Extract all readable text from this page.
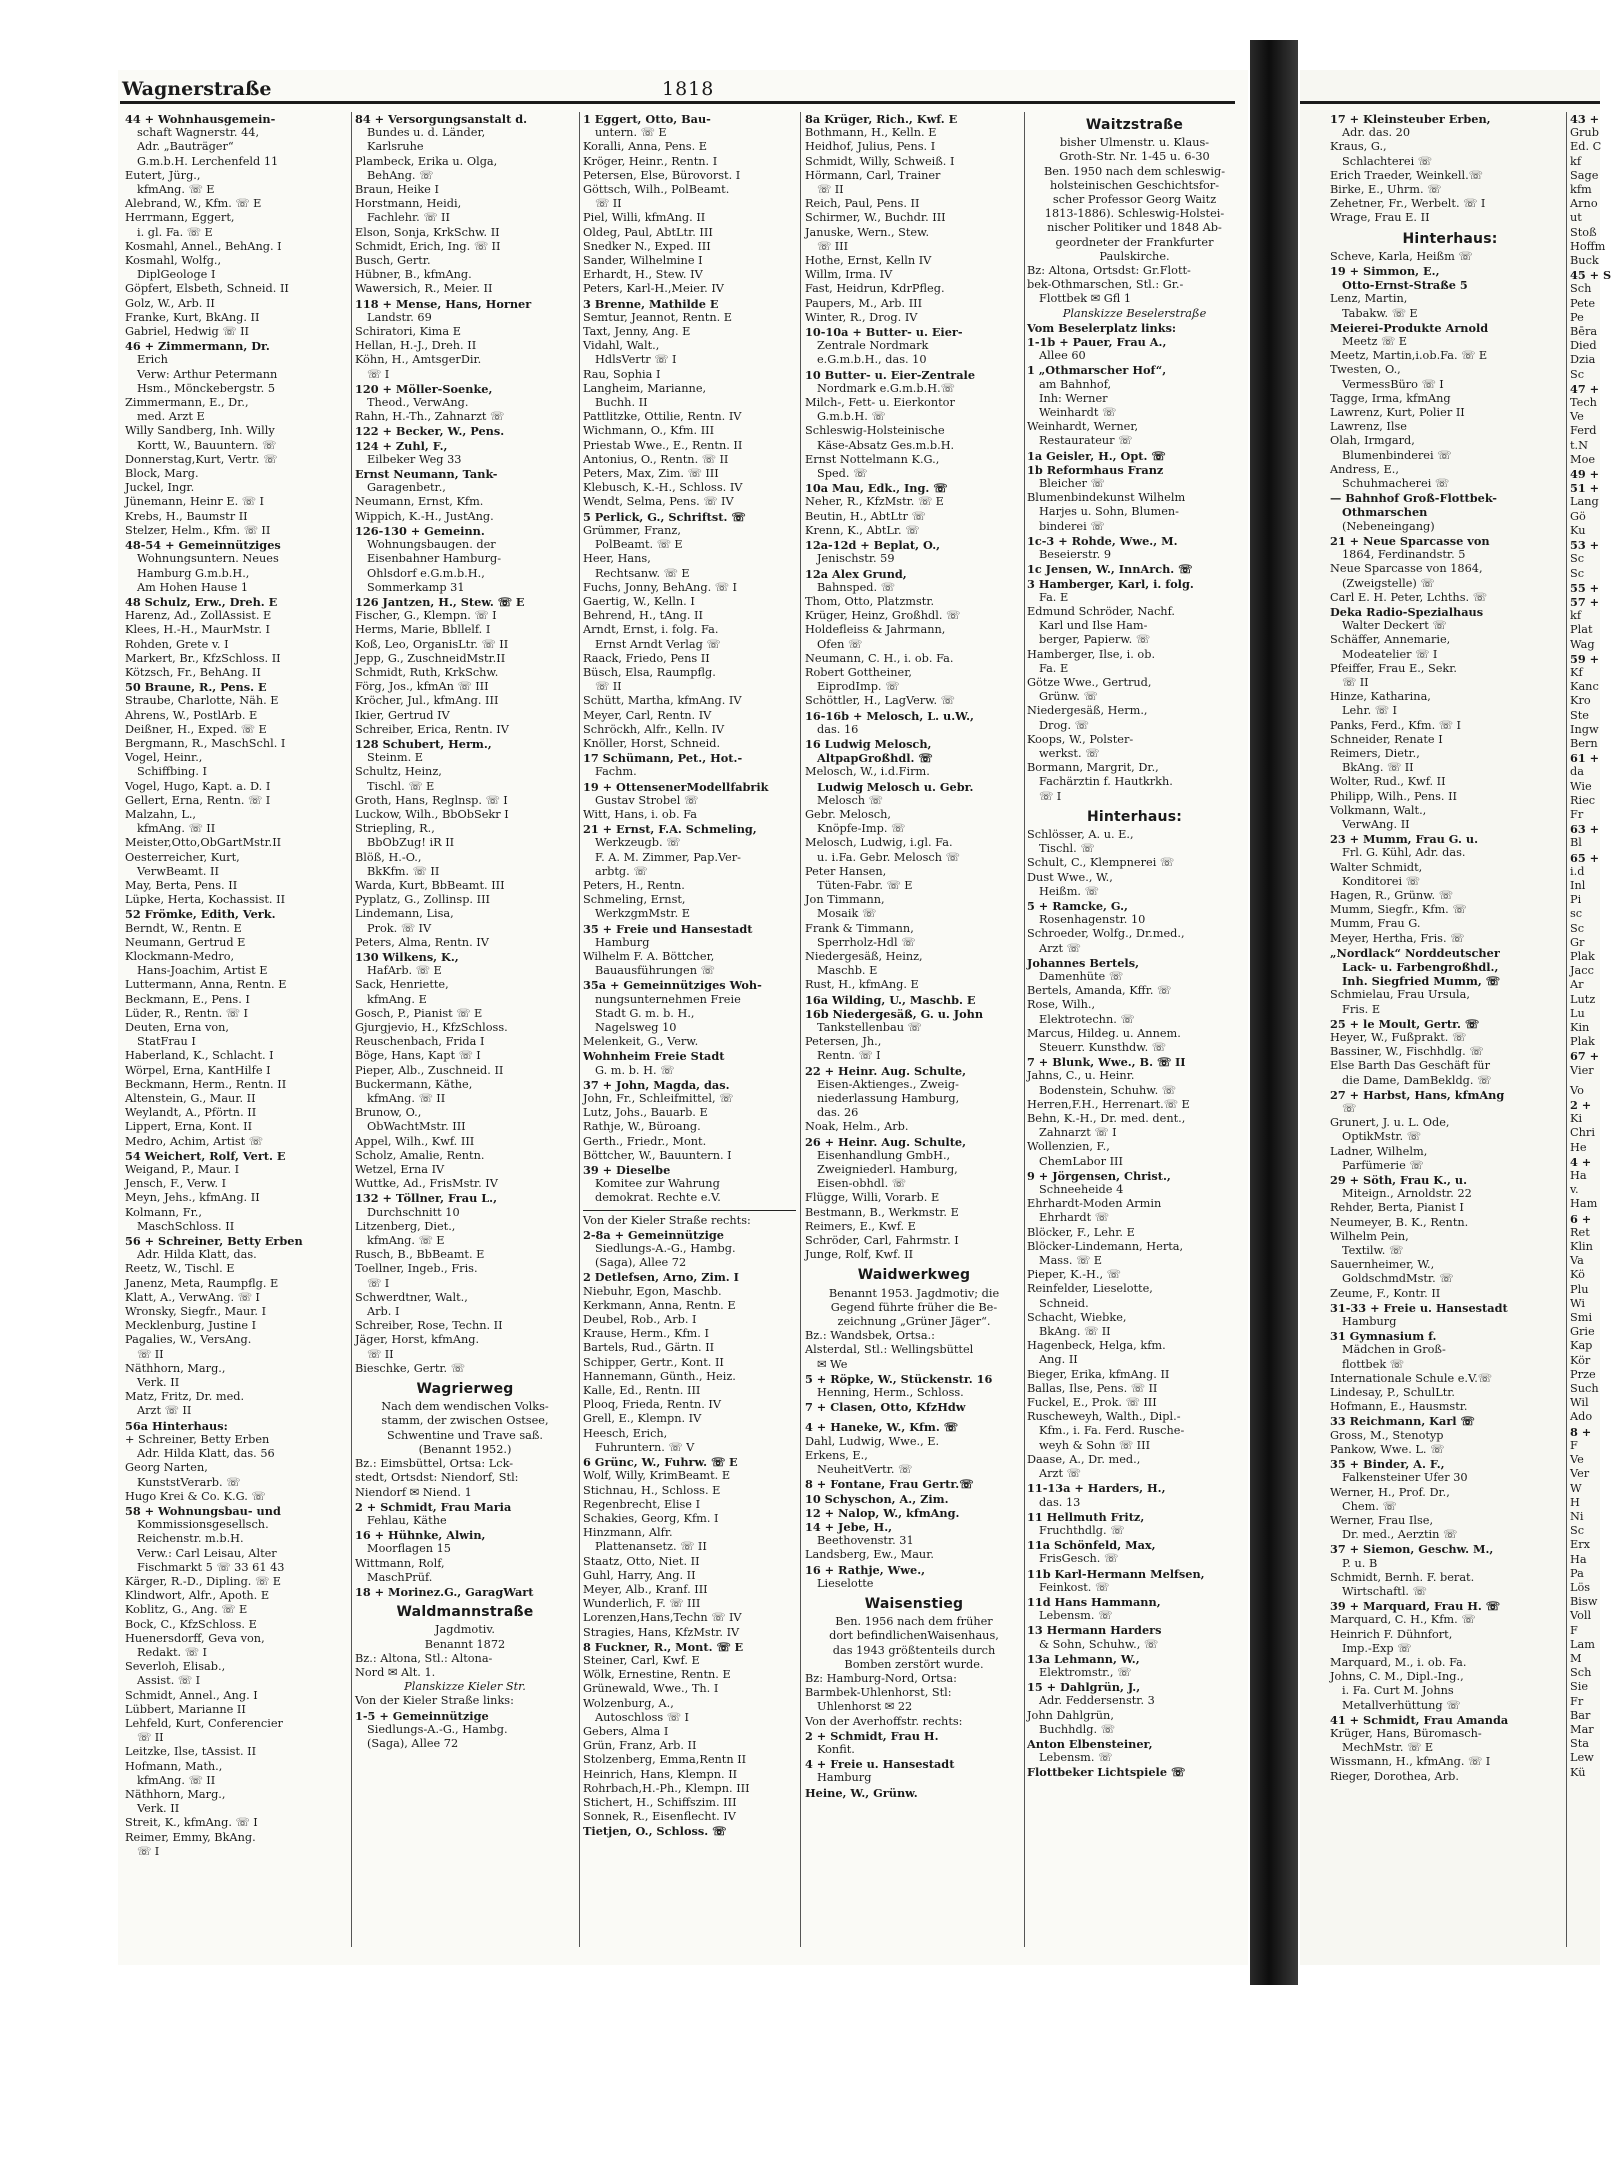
Wagnerstraße	1818
44 + Wohnhausgemein-
schaft Wagnerstr. 44,
Adr. „Bauträger“
G.m.b.H. Lerchenfeld 11
Eutert, Jürg.,
kfmAng. ☏ E
Alebrand, W., Kfm. ☏ E
Herrmann, Eggert,
i. gl. Fa. ☏ E
Kosmahl, Annel., BehAng. I
Kosmahl, Wolfg.,
DiplGeologe I
Göpfert, Elsbeth, Schneid. II
Golz, W., Arb. II
Franke, Kurt, BkAng. II
Gabriel, Hedwig ☏ II
46 + Zimmermann, Dr.
Erich
Verw: Arthur Petermann
Hsm., Mönckebergstr. 5
Zimmermann, E., Dr.,
med. Arzt E
Willy Sandberg, Inh. Willy
Kortt, W., Bauuntern. ☏
Donnerstag,Kurt, Vertr. ☏
Block, Marg.
Juckel, Ingr.
Jünemann, Heinr E. ☏ I
Krebs, H., Baumstr II
Stelzer, Helm., Kfm. ☏ II
48-54 + Gemeinnütziges
Wohnungsuntern. Neues
Hamburg G.m.b.H.,
Am Hohen Hause 1
48 Schulz, Erw., Dreh. E
Harenz, Ad., ZollAssist. E
Klees, H.-H., MaurMstr. I
Rohden, Grete v. I
Markert, Br., KfzSchloss. II
Kötzsch, Fr., BehAng. II
50 Braune, R., Pens. E
Straube, Charlotte, Näh. E
Ahrens, W., PostlArb. E
Deißner, H., Exped. ☏ E
Bergmann, R., MaschSchl. I
Vogel, Heinr.,
Schiffbing. I
Vogel, Hugo, Kapt. a. D. I
Gellert, Erna, Rentn. ☏ I
Malzahn, L.,
kfmAng. ☏ II
Meister,Otto,ObGartMstr.II
Oesterreicher, Kurt,
VerwBeamt. II
May, Berta, Pens. II
Lüpke, Herta, Kochassist. II
52 Frömke, Edith, Verk.
Berndt, W., Rentn. E
Neumann, Gertrud E
Klockmann-Medro,
Hans-Joachim, Artist E
Luttermann, Anna, Rentn. E
Beckmann, E., Pens. I
Lüder, R., Rentn. ☏ I
Deuten, Erna von,
StatFrau I
Haberland, K., Schlacht. I
Wörpel, Erna, KantHilfe I
Beckmann, Herm., Rentn. II
Altenstein, G., Maur. II
Weylandt, A., Pförtn. II
Lippert, Erna, Kont. II
Medro, Achim, Artist ☏
54 Weichert, Rolf, Vert. E
Weigand, P., Maur. I
Jensch, F., Verw. I
Meyn, Jehs., kfmAng. II
Kolmann, Fr.,
MaschSchloss. II
56 + Schreiner, Betty Erben
Adr. Hilda Klatt, das.
Reetz, W., Tischl. E
Janenz, Meta, Raumpflg. E
Klatt, A., VerwAng. ☏ I
Wronsky, Siegfr., Maur. I
Mecklenburg, Justine I
Pagalies, W., VersAng.
☏ II
Näthhorn, Marg.,
Verk. II
Matz, Fritz, Dr. med.
Arzt ☏ II
56a Hinterhaus:
+ Schreiner, Betty Erben
Adr. Hilda Klatt, das. 56
Georg Narten,
KunststVerarb. ☏
Hugo Krei & Co. K.G. ☏
58 + Wohnungsbau- und
Kommissionsgesellsch.
Reichenstr. m.b.H.
Verw.: Carl Leisau, Alter
Fischmarkt 5 ☏ 33 61 43
Kärger, R.-D., Dipling. ☏ E
Klindwort, Alfr., Apoth. E
Koblitz, G., Ang. ☏ E
Bock, C., KfzSchloss. E
Huenersdorff, Geva von,
Redakt. ☏ I
Severloh, Elisab.,
Assist. ☏ I
Schmidt, Annel., Ang. I
Lübbert, Marianne II
Lehfeld, Kurt, Conferencier
☏ II
Leitzke, Ilse, tAssist. II
Hofmann, Math.,
kfmAng. ☏ II
Näthhorn, Marg.,
Verk. II
Streit, K., kfmAng. ☏ I
Reimer, Emmy, BkAng.
☏ I
84 + Versorgungsanstalt d.
Bundes u. d. Länder,
Karlsruhe
Plambeck, Erika u. Olga,
BehAng. ☏
Braun, Heike I
Horstmann, Heidi,
Fachlehr. ☏ II
Elson, Sonja, KrkSchw. II
Schmidt, Erich, Ing. ☏ II
Busch, Gertr.
Hübner, B., kfmAng.
Wawersich, R., Meier. II
118 + Mense, Hans, Horner
Landstr. 69
Schiratori, Kima E
Hellan, H.-J., Dreh. II
Köhn, H., AmtsgerDir.
☏ I
120 + Möller-Soenke,
Theod., VerwAng.
Rahn, H.-Th., Zahnarzt ☏
122 + Becker, W., Pens.
124 + Zuhl, F.,
Eilbeker Weg 33
Ernst Neumann, Tank-
Garagenbetr.,
Neumann, Ernst, Kfm.
Wippich, K.-H., JustAng.
126-130 + Gemeinn.
Wohnungsbaugen. der
Eisenbahner Hamburg-
Ohlsdorf e.G.m.b.H.,
Sommerkamp 31
126 Jantzen, H., Stew. ☏ E
Fischer, G., Klempn. ☏ I
Herms, Marie, Bbllelf. I
Koß, Leo, OrganisLtr. ☏ II
Jepp, G., ZuschneidMstr.II
Schmidt, Ruth, KrkSchw.
Förg, Jos., kfmAn ☏ III
Kröcher, Jul., kfmAng. III
Ikier, Gertrud IV
Schreiber, Erica, Rentn. IV
128 Schubert, Herm.,
Steinm. E
Schultz, Heinz,
Tischl. ☏ E
Groth, Hans, Reglnsp. ☏ I
Luckow, Wilh., BbObSekr I
Striepling, R.,
BbObZug! iR II
Blöß, H.-O.,
BkKfm. ☏ II
Warda, Kurt, BbBeamt. III
Pyplatz, G., Zollinsp. III
Lindemann, Lisa,
Prok. ☏ IV
Peters, Alma, Rentn. IV
130 Wilkens, K.,
HafArb. ☏ E
Sack, Henriette,
kfmAng. E
Gosch, P., Pianist ☏ E
Gjurgjevio, H., KfzSchloss.
Reuschenbach, Frida I
Böge, Hans, Kapt ☏ I
Pieper, Alb., Zuschneid. II
Buckermann, Käthe,
kfmAng. ☏ II
Brunow, O.,
ObWachtMstr. III
Appel, Wilh., Kwf. III
Scholz, Amalie, Rentn.
Wetzel, Erna IV
Wuttke, Ad., FrisMstr. IV
132 + Töllner, Frau L.,
Durchschnitt 10
Litzenberg, Diet.,
kfmAng. ☏ E
Rusch, B., BbBeamt. E
Toellner, Ingeb., Fris.
☏ I
Schwerdtner, Walt.,
Arb. I
Schreiber, Rose, Techn. II
Jäger, Horst, kfmAng.
☏ II
Bieschke, Gertr. ☏
Wagrierweg
Nach dem wendischen Volks-
stamm, der zwischen Ostsee,
Schwentine und Trave saß.
(Benannt 1952.)
Bz.: Eimsbüttel, Ortsa: Lck-
stedt, Ortsdst: Niendorf, Stl:
Niendorf ✉ Niend. 1
2 + Schmidt, Frau Maria
Fehlau, Käthe
16 + Hühnke, Alwin,
Moorflagen 15
Wittmann, Rolf,
MaschPrüf.
18 + Morinez.G., GaragWart
Waldmannstraße
Jagdmotiv.
Benannt 1872
Bz.: Altona, Stl.: Altona-
Nord ✉ Alt. 1.
Planskizze Kieler Str.
Von der Kieler Straße links:
1-5 + Gemeinnützige
Siedlungs-A.-G., Hambg.
(Saga), Allee 72
1 Eggert, Otto, Bau-
untern. ☏ E
Koralli, Anna, Pens. E
Kröger, Heinr., Rentn. I
Petersen, Else, Bürovorst. I
Göttsch, Wilh., PolBeamt.
☏ II
Piel, Willi, kfmAng. II
Oldeg, Paul, AbtLtr. III
Snedker N., Exped. III
Sander, Wilhelmine I
Erhardt, H., Stew. IV
Peters, Karl-H.,Meier. IV
3 Brenne, Mathilde E
Semtur, Jeannot, Rentn. E
Taxt, Jenny, Ang. E
Vidahl, Walt.,
HdlsVertr ☏ I
Rau, Sophia I
Langheim, Marianne,
Buchh. II
Pattlitzke, Ottilie, Rentn. IV
Wichmann, O., Kfm. III
Priestab Wwe., E., Rentn. II
Antonius, O., Rentn. ☏ II
Peters, Max, Zim. ☏ III
Klebusch, K.-H., Schloss. IV
Wendt, Selma, Pens. ☏ IV
5 Perlick, G., Schriftst. ☏
Grümmer, Franz,
PolBeamt. ☏ E
Heer, Hans,
Rechtsanw. ☏ E
Fuchs, Jonny, BehAng. ☏ I
Gaertig, W., Kelln. I
Behrend, H., tAng. II
Arndt, Ernst, i. folg. Fa.
Ernst Arndt Verlag ☏
Raack, Friedo, Pens II
Büsch, Elsa, Raumpflg.
☏ II
Schütt, Martha, kfmAng. IV
Meyer, Carl, Rentn. IV
Schröckh, Alfr., Kelln. IV
Knöller, Horst, Schneid.
17 Schümann, Pet., Hot.-
Fachm.
19 + OttensenerModellfabrik
Gustav Strobel ☏
Witt, Hans, i. ob. Fa
21 + Ernst, F.A. Schmeling,
Werkzeugb. ☏
F. A. M. Zimmer, Pap.Ver-
arbtg. ☏
Peters, H., Rentn.
Schmeling, Ernst,
WerkzgmMstr. E
35 + Freie und Hansestadt
Hamburg
Wilhelm F. A. Böttcher,
Bauausführungen ☏
35a + Gemeinnütziges Woh-
nungsunternehmen Freie
Stadt G. m. b. H.,
Nagelsweg 10
Melenkeit, G., Verw.
Wohnheim Freie Stadt
G. m. b. H. ☏
37 + John, Magda, das.
John, Fr., Schleifmittel, ☏
Lutz, Johs., Bauarb. E
Rathje, W., Büroang.
Gerth., Friedr., Mont.
Böttcher, W., Bauuntern. I
39 + Dieselbe
Komitee zur Wahrung
demokrat. Rechte e.V.
Von der Kieler Straße rechts:
2-8a + Gemeinnützige
Siedlungs-A.-G., Hambg.
(Saga), Allee 72
2 Detlefsen, Arno, Zim. I
Niebuhr, Egon, Maschb.
Kerkmann, Anna, Rentn. E
Deubel, Rob., Arb. I
Krause, Herm., Kfm. I
Bartels, Rud., Gärtn. II
Schipper, Gertr., Kont. II
Hannemann, Günth., Heiz.
Kalle, Ed., Rentn. III
Plooq, Frieda, Rentn. IV
Grell, E., Klempn. IV
Heesch, Erich,
Fuhruntern. ☏ V
6 Grünc, W., Fuhrw. ☏ E
Wolf, Willy, KrimBeamt. E
Stichnau, H., Schloss. E
Regenbrecht, Elise I
Schakies, Georg, Kfm. I
Hinzmann, Alfr.
Plattenansetz. ☏ II
Staatz, Otto, Niet. II
Guhl, Harry, Ang. II
Meyer, Alb., Kranf. III
Wunderlich, F. ☏ III
Lorenzen,Hans,Techn ☏ IV
Stragies, Hans, KfzMstr. IV
8 Fuckner, R., Mont. ☏ E
Steiner, Carl, Kwf. E
Wölk, Ernestine, Rentn. E
Grünewald, Wwe., Th. I
Wolzenburg, A.,
Autoschloss ☏ I
Gebers, Alma I
Grün, Franz, Arb. II
Stolzenberg, Emma,Rentn II
Heinrich, Hans, Klempn. II
Rohrbach,H.-Ph., Klempn. III
Stichert, H., Schiffszim. III
Sonnek, R., Eisenflecht. IV
Tietjen, O., Schloss. ☏
8a Krüger, Rich., Kwf. E
Bothmann, H., Kelln. E
Heidhof, Julius, Pens. I
Schmidt, Willy, Schweiß. I
Hörmann, Carl, Trainer
☏ II
Reich, Paul, Pens. II
Schirmer, W., Buchdr. III
Januske, Wern., Stew.
☏ III
Hothe, Ernst, Kelln IV
Willm, Irma. IV
Fast, Heidrun, KdrPfleg.
Paupers, M., Arb. III
Winter, R., Drog. IV
10-10a + Butter- u. Eier-
Zentrale Nordmark
e.G.m.b.H., das. 10
10 Butter- u. Eier-Zentrale
Nordmark e.G.m.b.H.☏
Milch-, Fett- u. Eierkontor
G.m.b.H. ☏
Schleswig-Holsteinische
Käse-Absatz Ges.m.b.H.
Ernst Nottelmann K.G.,
Sped. ☏
10a Mau, Edk., Ing. ☏
Neher, R., KfzMstr. ☏ E
Beutin, H., AbtLtr ☏
Krenn, K., AbtLr. ☏
12a-12d + Beplat, O.,
Jenischstr. 59
12a Alex Grund,
Bahnsped. ☏
Thom, Otto, Platzmstr.
Krüger, Heinz, Großhdl. ☏
Holdefleiss & Jahrmann,
Ofen ☏
Neumann, C. H., i. ob. Fa.
Robert Gottheiner,
EiprodImp. ☏
Schöttler, H., LagVerw. ☏
16-16b + Melosch, L. u.W.,
das. 16
16 Ludwig Melosch,
AltpapGroßhdl. ☏
Melosch, W., i.d.Firm.
Ludwig Melosch u. Gebr.
Melosch ☏
Gebr. Melosch,
Knöpfe-Imp. ☏
Melosch, Ludwig, i.gl. Fa.
u. i.Fa. Gebr. Melosch ☏
Peter Hansen,
Tüten-Fabr. ☏ E
Jon Timmann,
Mosaik ☏
Frank & Timmann,
Sperrholz-Hdl ☏
Niedergesäß, Heinz,
Maschb. E
Rust, H., kfmAng. E
16a Wilding, U., Maschb. E
16b Niedergesäß, G. u. John
Tankstellenbau ☏
Petersen, Jh.,
Rentn. ☏ I
22 + Heinr. Aug. Schulte,
Eisen-Aktienges., Zweig-
niederlassung Hamburg,
das. 26
Noak, Helm., Arb.
26 + Heinr. Aug. Schulte,
Eisenhandlung GmbH.,
Zweigniederl. Hamburg,
Eisen-obhdl. ☏
Flügge, Willi, Vorarb. E
Bestmann, B., Werkmstr. E
Reimers, E., Kwf. E
Schröder, Carl, Fahrmstr. I
Junge, Rolf, Kwf. II
Waidwerkweg
Benannt 1953. Jagdmotiv; die
Gegend führte früher die Be-
zeichnung „Grüner Jäger“.
Bz.: Wandsbek, Ortsa.:
Alsterdal, Stl.: Wellingsbüttel
✉ We
5 + Röpke, W., Stückenstr. 16
Henning, Herm., Schloss.
7 + Clasen, Otto, KfzHdw
4 + Haneke, W., Kfm. ☏
Dahl, Ludwig, Wwe., E.
Erkens, E.,
NeuheitVertr. ☏
8 + Fontane, Frau Gertr.☏
10 Schyschon, A., Zim.
12 + Nalop, W., kfmAng.
14 + Jebe, H.,
Beethovenstr. 31
Landsberg, Ew., Maur.
16 + Rathje, Wwe.,
Lieselotte
Waisenstieg
Ben. 1956 nach dem früher
dort befindlichenWaisenhaus,
das 1943 größtenteils durch
Bomben zerstört wurde.
Bz: Hamburg-Nord, Ortsa:
Barmbek-Uhlenhorst, Stl:
Uhlenhorst ✉ 22
Von der Averhoffstr. rechts:
2 + Schmidt, Frau H.
Konfit.
4 + Freie u. Hansestadt
Hamburg
Heine, W., Grünw.
Waitzstraße
bisher Ulmenstr. u. Klaus-
Groth-Str. Nr. 1-45 u. 6-30
Ben. 1950 nach dem schleswig-
holsteinischen Geschichtsfor-
scher Professor Georg Waitz
1813-1886). Schleswig-Holstei-
nischer Politiker und 1848 Ab-
geordneter der Frankfurter
Paulskirche.
Bz: Altona, Ortsdst: Gr.Flott-
bek-Othmarschen, Stl.: Gr.-
Flottbek ✉ Gfl 1
Planskizze Beselerstraße
Vom Beselerplatz links:
1-1b + Pauer, Frau A.,
Allee 60
1 „Othmarscher Hof“,
am Bahnhof,
Inh: Werner
Weinhardt ☏
Weinhardt, Werner,
Restaurateur ☏
1a Geisler, H., Opt. ☏
1b Reformhaus Franz
Bleicher ☏
Blumenbindekunst Wilhelm
Harjes u. Sohn, Blumen-
binderei ☏
1c-3 + Rohde, Wwe., M.
Beseierstr. 9
1c Jensen, W., InnArch. ☏
3 Hamberger, Karl, i. folg.
Fa. E
Edmund Schröder, Nachf.
Karl und Ilse Ham-
berger, Papierw. ☏
Hamberger, Ilse, i. ob.
Fa. E
Götze Wwe., Gertrud,
Grünw. ☏
Niedergesäß, Herm.,
Drog. ☏
Koops, W., Polster-
werkst. ☏
Bormann, Margrit, Dr.,
Fachärztin f. Hautkrkh.
☏ I
Hinterhaus:
Schlösser, A. u. E.,
Tischl. ☏
Schult, C., Klempnerei ☏
Dust Wwe., W.,
Heißm. ☏
5 + Ramcke, G.,
Rosenhagenstr. 10
Schroeder, Wolfg., Dr.med.,
Arzt ☏
Johannes Bertels,
Damenhüte ☏
Bertels, Amanda, Kffr. ☏
Rose, Wilh.,
Elektrotechn. ☏
Marcus, Hildeg. u. Annem.
Steuerr. Kunsthdw. ☏
7 + Blunk, Wwe., B. ☏ II
Jahns, C., u. Heinr.
Bodenstein, Schuhw. ☏
Herren,F.H., Herrenart.☏ E
Behn, K.-H., Dr. med. dent.,
Zahnarzt ☏ I
Wollenzien, F.,
ChemLabor III
9 + Jörgensen, Christ.,
Schneeheide 4
Ehrhardt-Moden Armin
Ehrhardt ☏
Blöcker, F., Lehr. E
Blöcker-Lindemann, Herta,
Mass. ☏ E
Pieper, K.-H., ☏
Reinfelder, Lieselotte,
Schneid.
Schacht, Wiebke,
BkAng. ☏ II
Hagenbeck, Helga, kfm.
Ang. II
Bieger, Erika, kfmAng. II
Ballas, Ilse, Pens. ☏ II
Fuckel, E., Prok. ☏ III
Ruscheweyh, Walth., Dipl.-
Kfm., i. Fa. Ferd. Rusche-
weyh & Sohn ☏ III
Daase, A., Dr. med.,
Arzt ☏
11-13a + Harders, H.,
das. 13
11 Hellmuth Fritz,
Fruchthdlg. ☏
11a Schönfeld, Max,
FrisGesch. ☏
11b Karl-Hermann Melfsen,
Feinkost. ☏
11d Hans Hammann,
Lebensm. ☏
13 Hermann Harders
& Sohn, Schuhw., ☏
13a Lehmann, W.,
Elektromstr., ☏
15 + Dahlgrün, J.,
Adr. Feddersenstr. 3
John Dahlgrün,
Buchhdlg. ☏
Anton Elbensteiner,
Lebensm. ☏
Flottbeker Lichtspiele ☏
17 + Kleinsteuber Erben,
Adr. das. 20
Kraus, G.,
Schlachterei ☏
Erich Traeder, Weinkell.☏
Birke, E., Uhrm. ☏
Zehetner, Fr., Werbelt. ☏ I
Wrage, Frau E. II
Hinterhaus:
Scheve, Karla, Heißm ☏
19 + Simmon, E.,
Otto-Ernst-Straße 5
Lenz, Martin,
Tabakw. ☏ E
Meierei-Produkte Arnold
Meetz ☏ E
Meetz, Martin,i.ob.Fa. ☏ E
Twesten, O.,
VermessBüro ☏ I
Tagge, Irma, kfmAng
Lawrenz, Kurt, Polier II
Lawrenz, Ilse
Olah, Irmgard,
Blumenbinderei ☏
Andress, E.,
Schuhmacherei ☏
— Bahnhof Groß-Flottbek-
Othmarschen
(Nebeneingang)
21 + Neue Sparcasse von
1864, Ferdinandstr. 5
Neue Sparcasse von 1864,
(Zweigstelle) ☏
Carl E. H. Peter, Lchths. ☏
Deka Radio-Spezialhaus
Walter Deckert ☏
Schäffer, Annemarie,
Modeatelier ☏ I
Pfeiffer, Frau E., Sekr.
☏ II
Hinze, Katharina,
Lehr. ☏ I
Panks, Ferd., Kfm. ☏ I
Schneider, Renate I
Reimers, Dietr.,
BkAng. ☏ II
Wolter, Rud., Kwf. II
Philipp, Wilh., Pens. II
Volkmann, Walt.,
VerwAng. II
23 + Mumm, Frau G. u.
Frl. G. Kühl, Adr. das.
Walter Schmidt,
Konditorei ☏
Hagen, R., Grünw. ☏
Mumm, Siegfr., Kfm. ☏
Mumm, Frau G.
Meyer, Hertha, Fris. ☏
„Nordlack“ Norddeutscher
Lack- u. Farbengroßhdl.,
Inh. Siegfried Mumm, ☏
Schmielau, Frau Ursula,
Fris. E
25 + le Moult, Gertr. ☏
Heyer, W., Fußprakt. ☏
Bassiner, W., Fischhdlg. ☏
Else Barth Das Geschäft für
die Dame, DamBekldg. ☏
27 + Harbst, Hans, kfmAng
☏
Grunert, J. u. L. Ode,
OptikMstr. ☏
Ladner, Wilhelm,
Parfümerie ☏
29 + Söth, Frau K., u.
Miteign., Arnoldstr. 22
Rehder, Berta, Pianist I
Neumeyer, B. K., Rentn.
Wilhelm Pein,
Textilw. ☏
Sauernheimer, W.,
GoldschmdMstr. ☏
Zeume, F., Kontr. II
31-33 + Freie u. Hansestadt
Hamburg
31 Gymnasium f.
Mädchen in Groß-
flottbek ☏
Internationale Schule e.V.☏
Lindesay, P., SchulLtr.
Hofmann, E., Hausmstr.
33 Reichmann, Karl ☏
Gross, M., Stenotyp
Pankow, Wwe. L. ☏
35 + Binder, A. F.,
Falkensteiner Ufer 30
Werner, H., Prof. Dr.,
Chem. ☏
Werner, Frau Ilse,
Dr. med., Aerztin ☏
37 + Siemon, Geschw. M.,
P. u. B
Schmidt, Bernh. F. berat.
Wirtschaftl. ☏
39 + Marquard, Frau H. ☏
Marquard, C. H., Kfm. ☏
Heinrich F. Dühnfort,
Imp.-Exp ☏
Marquard, M., i. ob. Fa.
Johns, C. M., Dipl.-Ing.,
i. Fa. Curt M. Johns
Metallverhüttung ☏
41 + Schmidt, Frau Amanda
Krüger, Hans, Büromasch-
MechMstr. ☏ E
Wissmann, H., kfmAng. ☏ I
Rieger, Dorothea, Arb.
43 +
Grub
Ed. C
kf
Sage
kfm
Arno
ut
Stoß
Hoffm
Buck
45 + S
Sch
Pete
Pe
Bēra
Died
Dzia
Sc
47 +
Tech
Ve
Ferd
t.N
Moe
49 +
51 +
Lang
Gö
Ku
53 +
Sc
Sc
55 +
57 +
kf
Plat
Wag
59 +
Kf
Kanc
Kro
Ste
Ingw
Bern
61 +
da
Wie
Riec
Fr
63 +
Bl
65 +
i.d
Inl
Pi
sc
Sc
Gr
Plak
Jacc
Ar
Lutz
Lu
Kin
Plak
67 +
Vier
Vo
2 +
Ki
Chri
He
4 +
Ha
v.
Ham
6 +
Ret
Klin
Va
Kö
Plu
Wi
Smi
Grie
Kap
Kör
Prze
Such
Wil
Ado
8 +
F
Ve
Ver
W
H
Ni
Sc
Erx
Ha
Pa
Lös
Bisw
Voll
F
Lam
M
Sch
Sie
Fr
Bar
Mar
Sta
Lew
Kü
